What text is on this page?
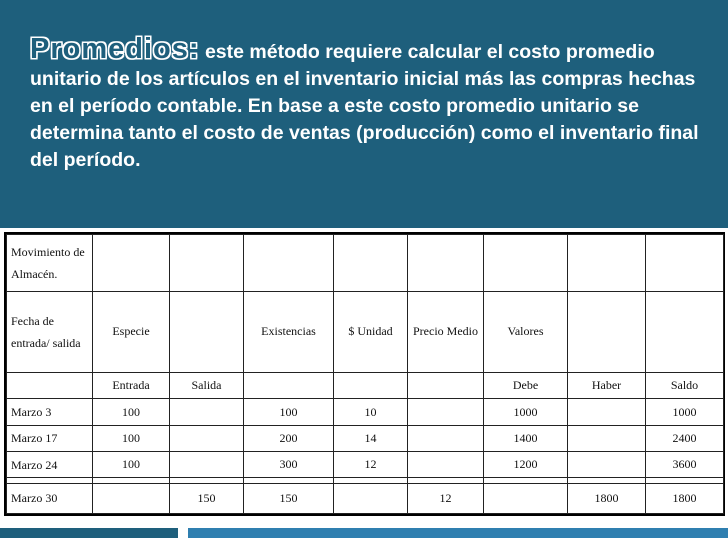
Promedios: este método requiere calcular el costo promedio unitario de los artículos en el inventario inicial más las compras hechas en el período contable. En base a este costo promedio unitario se determina tanto el costo de ventas (producción) como el inventario final del período.
Movimiento de Almacén.								
Fecha de entrada/ salida	Especie		Existencias	$ Unidad	Precio Medio	Valores		
	Entrada	Salida				Debe	Haber	Saldo
Marzo 3	100		100	10		1000		1000
Marzo 17	100		200	14		1400		2400
Marzo 24	100		300	12		1200		3600

Marzo 30		150	150		12		1800	1800
